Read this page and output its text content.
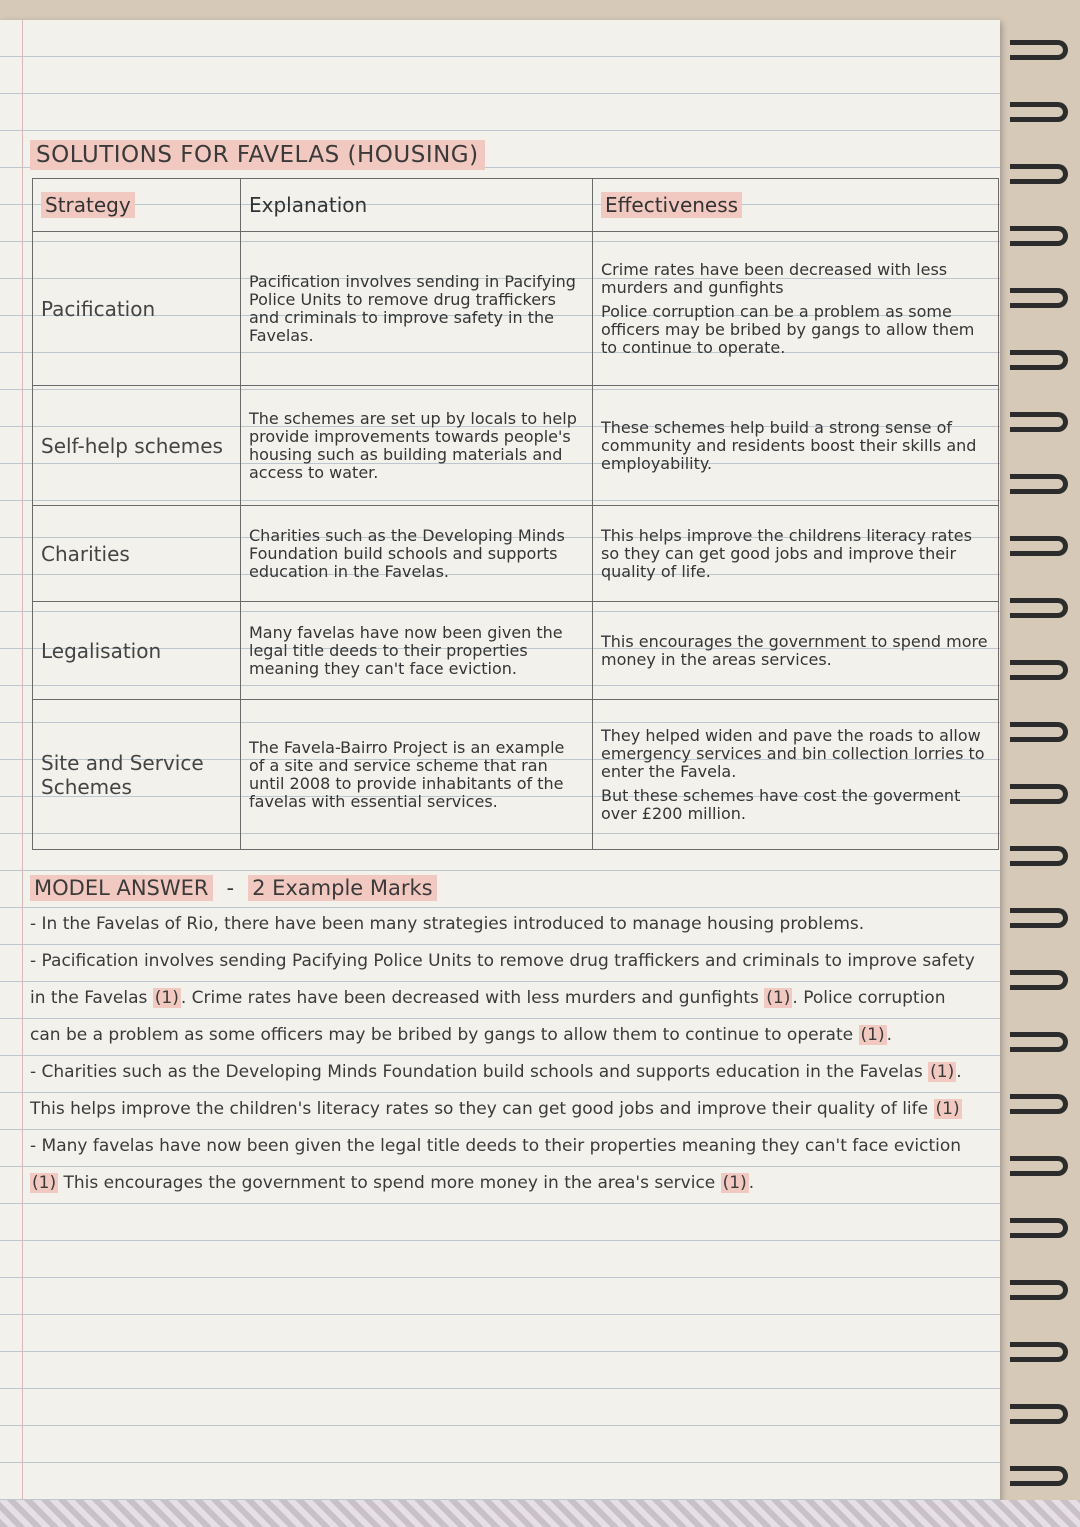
SOLUTIONS FOR FAVELAS (HOUSING)
Strategy	Explanation	Effectiveness
Pacification	Pacification involves sending in Pacifying Police Units to remove drug traffickers and criminals to improve safety in the Favelas.	Crime rates have been decreased with less murders and gunfights
Police corruption can be a problem as some officers may be bribed by gangs to allow them to continue to operate.

Self-help schemes	The schemes are set up by locals to help provide improvements towards people's housing such as building materials and access to water.	These schemes help build a strong sense of community and residents boost their skills and employability.

Charities	Charities such as the Developing Minds Foundation build schools and supports education in the Favelas.	This helps improve the childrens literacy rates so they can get good jobs and improve their quality of life.

Legalisation	Many favelas have now been given the legal title deeds to their properties meaning they can't face eviction.	This encourages the government to spend more money in the areas services.

Site and Service Schemes	The Favela-Bairro Project is an example of a site and service scheme that ran until 2008 to provide inhabitants of the favelas with essential services.	They helped widen and pave the roads to allow emergency services and bin collection lorries to enter the Favela.
But these schemes have cost the goverment over £200 million.
MODEL ANSWER - 2 Example Marks
- In the Favelas of Rio, there have been many strategies introduced to manage housing problems.
- Pacification involves sending Pacifying Police Units to remove drug traffickers and criminals to improve safety in the Favelas (1) . Crime rates have been decreased with less murders and gunfights (1) . Police corruption can be a problem as some officers may be bribed by gangs to allow them to continue to operate (1) .
- Charities such as the Developing Minds Foundation build schools and supports education in the Favelas (1) . This helps improve the children's literacy rates so they can get good jobs and improve their quality of life (1)
- Many favelas have now been given the legal title deeds to their properties meaning they can't face eviction (1) This encourages the government to spend more money in the area's service (1) .
